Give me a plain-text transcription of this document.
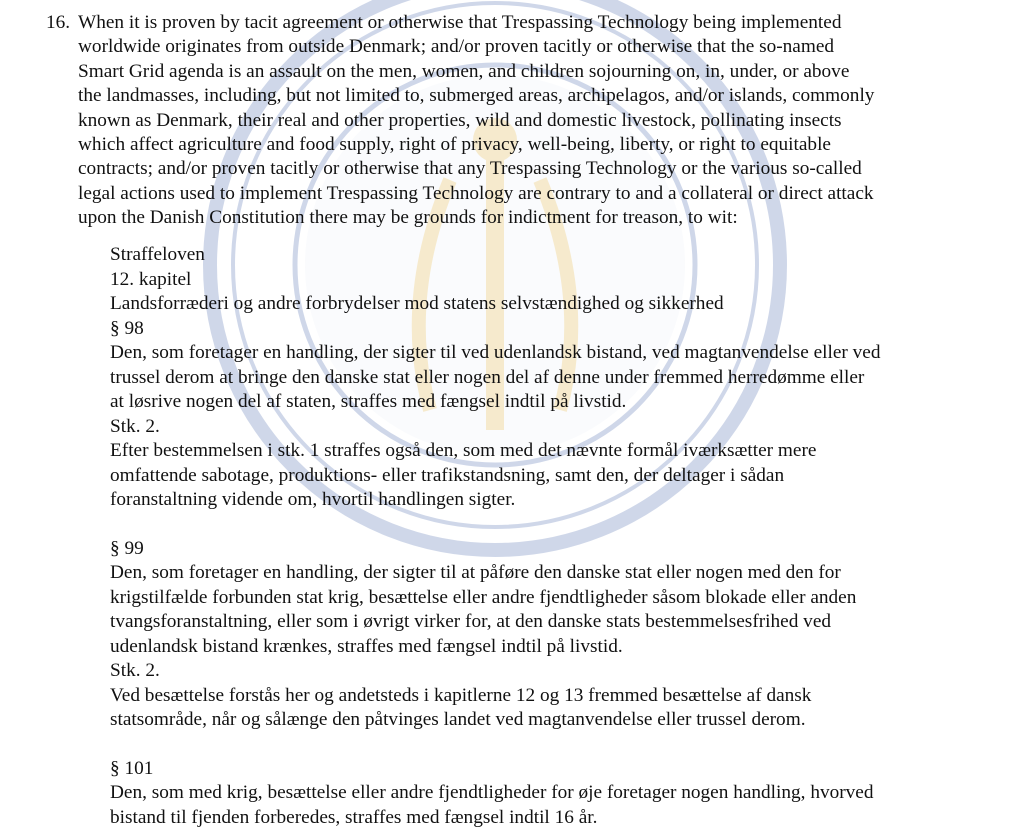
16. When it is proven by tacit agreement or otherwise that Trespassing Technology being implemented
worldwide originates from outside Denmark; and/or proven tacitly or otherwise that the so-named
Smart Grid agenda is an assault on the men, women, and children sojourning on, in, under, or above
the landmasses, including, but not limited to, submerged areas, archipelagos, and/or islands, commonly
known as Denmark, their real and other properties, wild and domestic livestock, pollinating insects
which affect agriculture and food supply, right of privacy, well-being, liberty, or right to equitable
contracts; and/or proven tacitly or otherwise that any Trespassing Technology or the various so-called
legal actions used to implement Trespassing Technology are contrary to and a collateral or direct attack
upon the Danish Constitution there may be grounds for indictment for treason, to wit:
Straffeloven
12. kapitel
Landsforræderi og andre forbrydelser mod statens selvstændighed og sikkerhed
§ 98
Den, som foretager en handling, der sigter til ved udenlandsk bistand, ved magtanvendelse eller ved
trussel derom at bringe den danske stat eller nogen del af denne under fremmed herredømme eller
at løsrive nogen del af staten, straffes med fængsel indtil på livstid.
Stk. 2.
Efter bestemmelsen i stk. 1 straffes også den, som med det nævnte formål iværksætter mere
omfattende sabotage, produktions- eller trafikstandsning, samt den, der deltager i sådan
foranstaltning vidende om, hvortil handlingen sigter.
§ 99
Den, som foretager en handling, der sigter til at påføre den danske stat eller nogen med den for
krigstilfælde forbunden stat krig, besættelse eller andre fjendtligheder såsom blokade eller anden
tvangsforanstaltning, eller som i øvrigt virker for, at den danske stats bestemmelsesfrihed ved
udenlandsk bistand krænkes, straffes med fængsel indtil på livstid.
Stk. 2.
Ved besættelse forstås her og andetsteds i kapitlerne 12 og 13 fremmed besættelse af dansk
statsområde, når og sålænge den påtvinges landet ved magtanvendelse eller trussel derom.
§ 101
Den, som med krig, besættelse eller andre fjendtligheder for øje foretager nogen handling, hvorved
bistand til fjenden forberedes, straffes med fængsel indtil 16 år.
